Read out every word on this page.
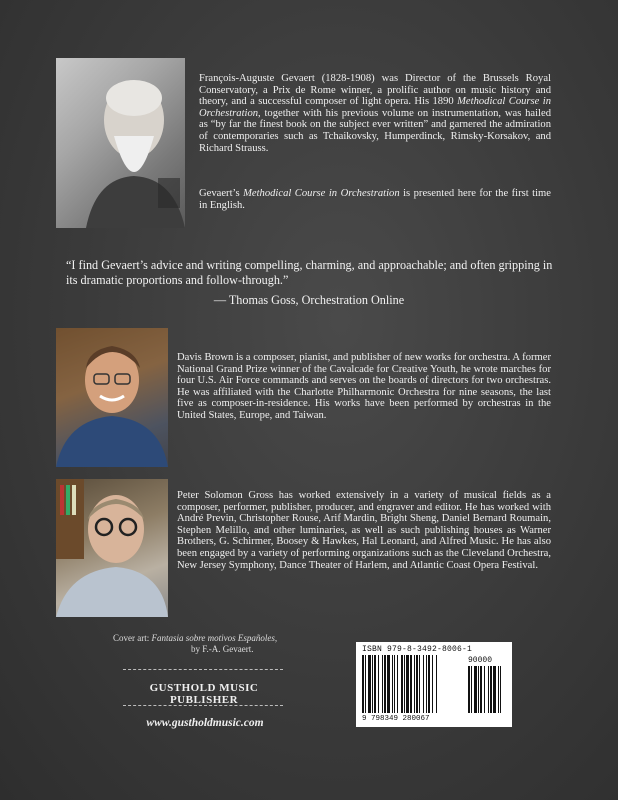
François-Auguste Gevaert (1828-1908) was Director of the Brussels Royal Conservatory, a Prix de Rome winner, a prolific author on music history and theory, and a successful composer of light opera. His 1890 Methodical Course in Orchestration, together with his previous volume on instrumentation, was hailed as “by far the finest book on the subject ever written” and garnered the admiration of contemporaries such as Tchaikovsky, Humperdinck, Rimsky-Korsakov, and Richard Strauss.
Gevaert’s Methodical Course in Orchestration is presented here for the first time in English.
“I find Gevaert’s advice and writing compelling, charming, and approachable; and often gripping in its dramatic proportions and follow-through.”
— Thomas Goss, Orchestration Online
Davis Brown is a composer, pianist, and publisher of new works for orchestra. A former National Grand Prize winner of the Cavalcade for Creative Youth, he wrote marches for four U.S. Air Force commands and serves on the boards of directors for two orchestras. He was affiliated with the Charlotte Philharmonic Orchestra for nine seasons, the last five as composer-in-residence. His works have been performed by orchestras in the United States, Europe, and Taiwan.
Peter Solomon Gross has worked extensively in a variety of musical fields as a composer, performer, publisher, producer, and engraver and editor. He has worked with André Previn, Christopher Rouse, Arif Mardin, Bright Sheng, Daniel Bernard Roumain, Stephen Melillo, and other luminaries, as well as such publishing houses as Warner Brothers, G. Schirmer, Boosey & Hawkes, Hal Leonard, and Alfred Music. He has also been engaged by a variety of performing organizations such as the Cleveland Orchestra, New Jersey Symphony, Dance Theater of Harlem, and Atlantic Coast Opera Festival.
Cover art: Fantasia sobre motivos Españoles,
by F.-A. Gevaert.
GUSTHOLD MUSIC PUBLISHER
www.gustholdmusic.com
ISBN 979-8-3492-8006-1
90000
9 798349 280067
